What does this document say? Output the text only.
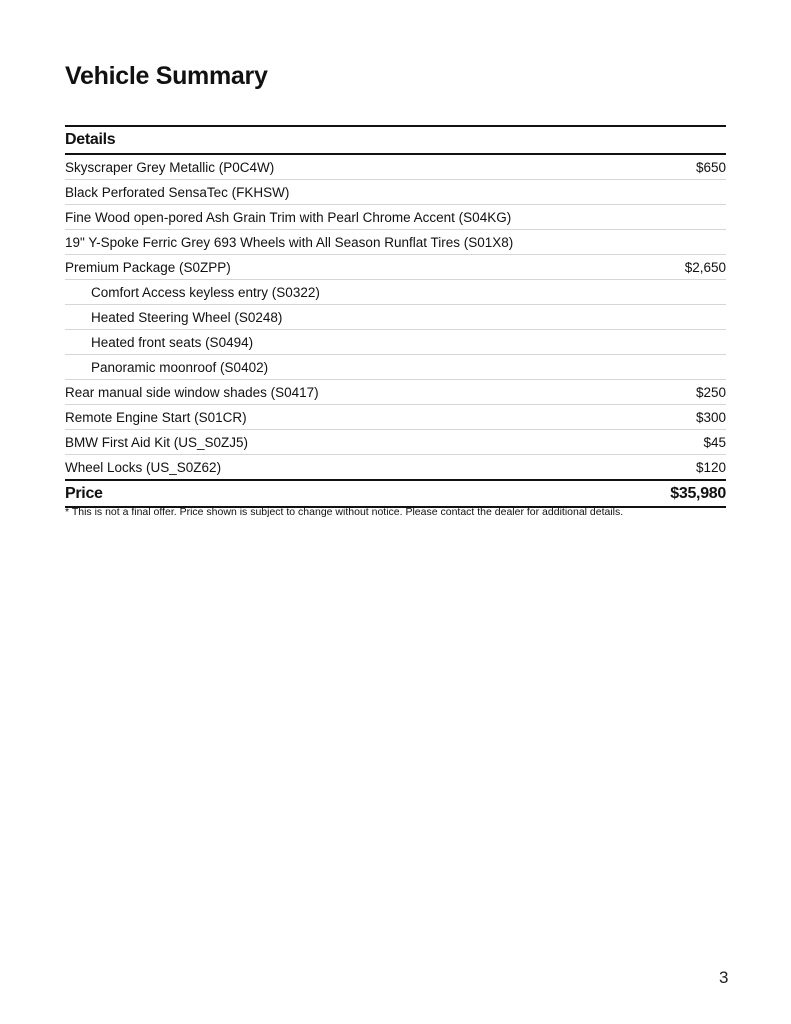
Vehicle Summary
Details
Skyscraper Grey Metallic (P0C4W)	$650
Black Perforated SensaTec (FKHSW)
Fine Wood open-pored Ash Grain Trim with Pearl Chrome Accent (S04KG)
19" Y-Spoke Ferric Grey 693 Wheels with All Season Runflat Tires (S01X8)
Premium Package (S0ZPP)	$2,650
Comfort Access keyless entry (S0322)
Heated Steering Wheel (S0248)
Heated front seats (S0494)
Panoramic moonroof (S0402)
Rear manual side window shades (S0417)	$250
Remote Engine Start (S01CR)	$300
BMW First Aid Kit (US_S0ZJ5)	$45
Wheel Locks (US_S0Z62)	$120
Price	$35,980
* This is not a final offer. Price shown is subject to change without notice. Please contact the dealer for additional details.
3
